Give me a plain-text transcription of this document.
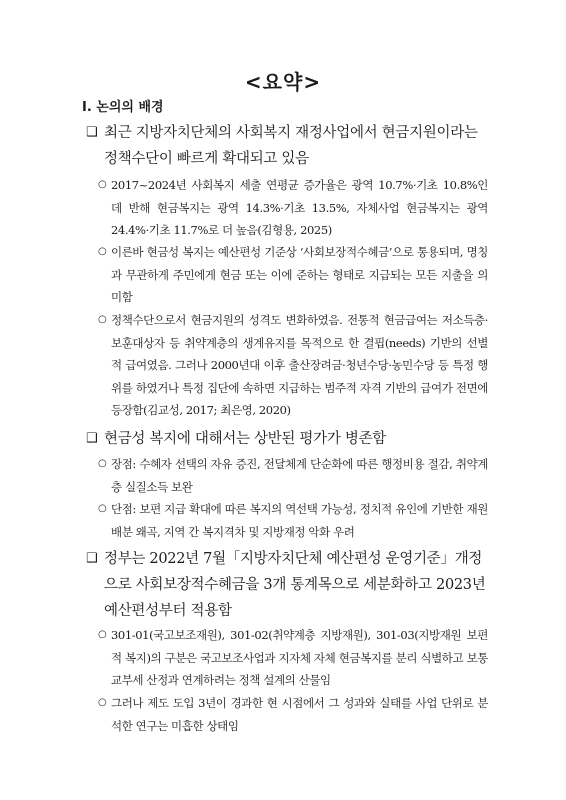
<요약>
Ⅰ. 논의의 배경
❑ 최근 지방자치단체의 사회복지 재정사업에서 현금지원이라는 정책수단이 빠르게 확대되고 있음
○ 2017~2024년 사회복지 세출 연평균 증가율은 광역 10.7%·기초 10.8%인 데 반해 현금복지는 광역 14.3%·기초 13.5%, 자체사업 현금복지는 광역 24.4%·기초 11.7%로 더 높음(김형용, 2025)
○ 이른바 현금성 복지는 예산편성 기준상 ‘사회보장적수혜금’으로 통용되며, 명칭과 무관하게 주민에게 현금 또는 이에 준하는 형태로 지급되는 모든 지출을 의미함
○ 정책수단으로서 현금지원의 성격도 변화하였음. 전통적 현금급여는 저소득층·보훈대상자 등 취약계층의 생계유지를 목적으로 한 결핍(needs) 기반의 선별적 급여였음. 그러나 2000년대 이후 출산장려금·청년수당·농민수당 등 특정 행위를 하였거나 특정 집단에 속하면 지급하는 범주적 자격 기반의 급여가 전면에 등장함(김교성, 2017; 최은영, 2020)
❑ 현금성 복지에 대해서는 상반된 평가가 병존함
○ 장점: 수혜자 선택의 자유 증진, 전달체계 단순화에 따른 행정비용 절감, 취약계층 실질소득 보완
○ 단점: 보편 지급 확대에 따른 복지의 역선택 가능성, 정치적 유인에 기반한 재원배분 왜곡, 지역 간 복지격차 및 지방재정 악화 우려
❑ 정부는 2022년 7월「지방자치단체 예산편성 운영기준」개정으로 사회보장적수혜금을 3개 통계목으로 세분화하고 2023년 예산편성부터 적용함
○ 301-01(국고보조재원), 301-02(취약계층 지방재원), 301-03(지방재원 보편적 복지)의 구분은 국고보조사업과 지자체 자체 현금복지를 분리 식별하고 보통교부세 산정과 연계하려는 정책 설계의 산물임
○ 그러나 제도 도입 3년이 경과한 현 시점에서 그 성과와 실태를 사업 단위로 분석한 연구는 미흡한 상태임
